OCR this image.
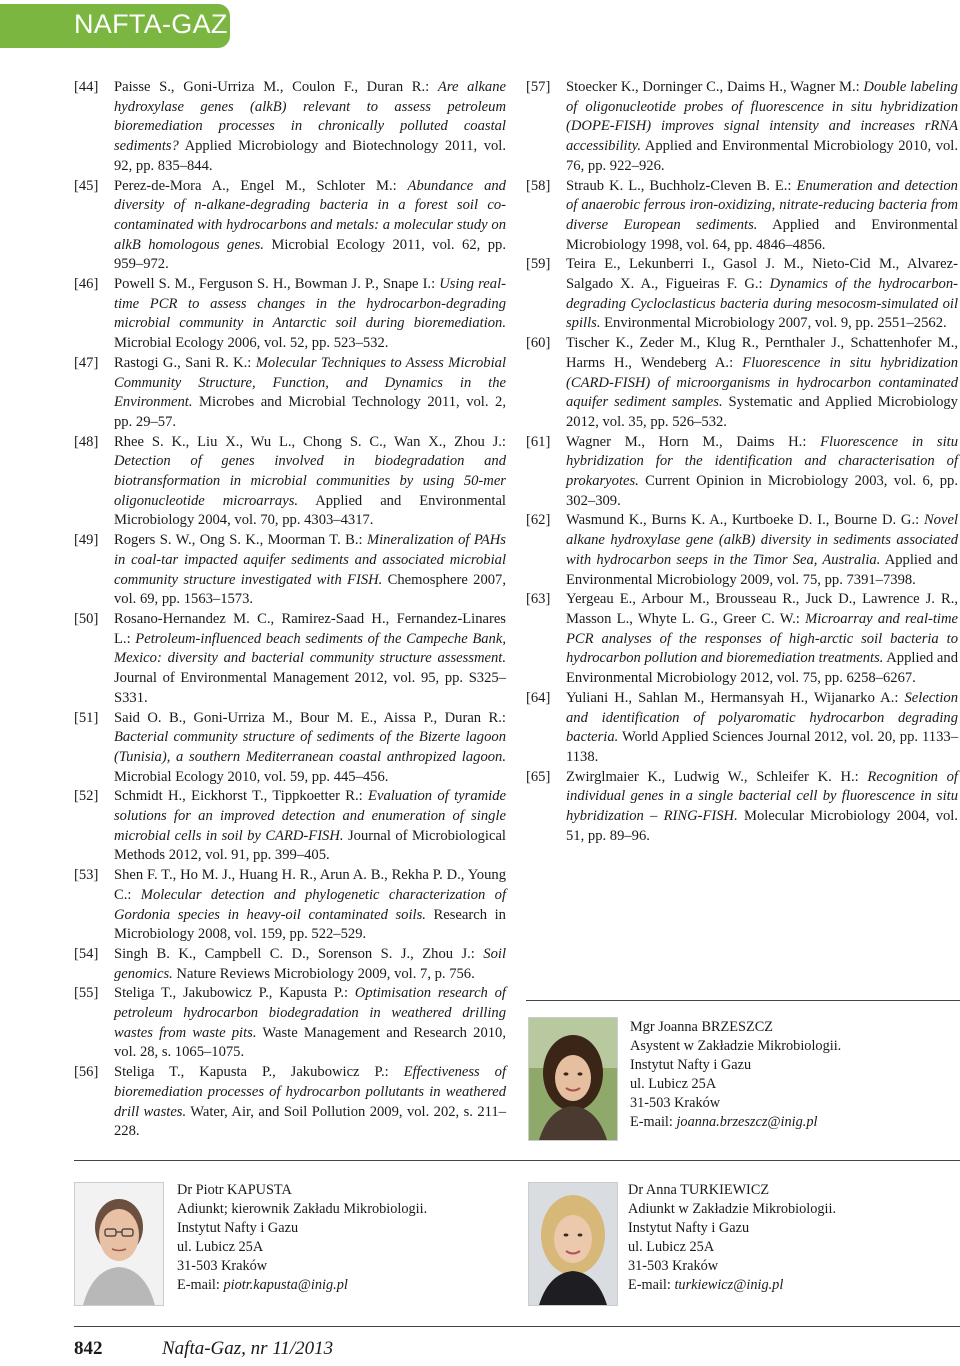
NAFTA-GAZ
[44]	Paisse S., Goni-Urriza M., Coulon F., Duran R.: Are alkane hydroxylase genes (alkB) relevant to assess petroleum bioremediation processes in chronically polluted coastal sediments? Applied Microbiology and Biotechnology 2011, vol. 92, pp. 835–844.
[45]	Perez-de-Mora A., Engel M., Schloter M.: Abundance and diversity of n-alkane-degrading bacteria in a forest soil co-contaminated with hydrocarbons and metals: a molecular study on alkB homologous genes. Microbial Ecology 2011, vol. 62, pp. 959–972.
[46]	Powell S. M., Ferguson S. H., Bowman J. P., Snape I.: Using real-time PCR to assess changes in the hydrocarbon-degrading microbial community in Antarctic soil during bioremediation. Microbial Ecology 2006, vol. 52, pp. 523–532.
[47]	Rastogi G., Sani R. K.: Molecular Techniques to Assess Microbial Community Structure, Function, and Dynamics in the Environment. Microbes and Microbial Technology 2011, vol. 2, pp. 29–57.
[48]	Rhee S. K., Liu X., Wu L., Chong S. C., Wan X., Zhou J.: Detection of genes involved in biodegradation and biotransformation in microbial communities by using 50-mer oligonucleotide microarrays. Applied and Environmental Microbiology 2004, vol. 70, pp. 4303–4317.
[49]	Rogers S. W., Ong S. K., Moorman T. B.: Mineralization of PAHs in coal-tar impacted aquifer sediments and associated microbial community structure investigated with FISH. Chemosphere 2007, vol. 69, pp. 1563–1573.
[50]	Rosano-Hernandez M. C., Ramirez-Saad H., Fernandez-Linares L.: Petroleum-influenced beach sediments of the Campeche Bank, Mexico: diversity and bacterial community structure assessment. Journal of Environmental Management 2012, vol. 95, pp. S325–S331.
[51]	Said O. B., Goni-Urriza M., Bour M. E., Aissa P., Duran R.: Bacterial community structure of sediments of the Bizerte lagoon (Tunisia), a southern Mediterranean coastal anthropized lagoon. Microbial Ecology 2010, vol. 59, pp. 445–456.
[52]	Schmidt H., Eickhorst T., Tippkoetter R.: Evaluation of tyramide solutions for an improved detection and enumeration of single microbial cells in soil by CARD-FISH. Journal of Microbiological Methods 2012, vol. 91, pp. 399–405.
[53]	Shen F. T., Ho M. J., Huang H. R., Arun A. B., Rekha P. D., Young C.: Molecular detection and phylogenetic characterization of Gordonia species in heavy-oil contaminated soils. Research in Microbiology 2008, vol. 159, pp. 522–529.
[54]	Singh B. K., Campbell C. D., Sorenson S. J., Zhou J.: Soil genomics. Nature Reviews Microbiology 2009, vol. 7, p. 756.
[55]	Steliga T., Jakubowicz P., Kapusta P.: Optimisation research of petroleum hydrocarbon biodegradation in weathered drilling wastes from waste pits. Waste Management and Research 2010, vol. 28, s. 1065–1075.
[56]	Steliga T., Kapusta P., Jakubowicz P.: Effectiveness of bioremediation processes of hydrocarbon pollutants in weathered drill wastes. Water, Air, and Soil Pollution 2009, vol. 202, s. 211–228.
[57]	Stoecker K., Dorninger C., Daims H., Wagner M.: Double labeling of oligonucleotide probes of fluorescence in situ hybridization (DOPE-FISH) improves signal intensity and increases rRNA accessibility. Applied and Environmental Microbiology 2010, vol. 76, pp. 922–926.
[58]	Straub K. L., Buchholz-Cleven B. E.: Enumeration and detection of anaerobic ferrous iron-oxidizing, nitrate-reducing bacteria from diverse European sediments. Applied and Environmental Microbiology 1998, vol. 64, pp. 4846–4856.
[59]	Teira E., Lekunberri I., Gasol J. M., Nieto-Cid M., Alvarez-Salgado X. A., Figueiras F. G.: Dynamics of the hydrocarbon-degrading Cycloclasticus bacteria during mesocosm-simulated oil spills. Environmental Microbiology 2007, vol. 9, pp. 2551–2562.
[60]	Tischer K., Zeder M., Klug R., Pernthaler J., Schattenhofer M., Harms H., Wendeberg A.: Fluorescence in situ hybridization (CARD-FISH) of microorganisms in hydrocarbon contaminated aquifer sediment samples. Systematic and Applied Microbiology 2012, vol. 35, pp. 526–532.
[61]	Wagner M., Horn M., Daims H.: Fluorescence in situ hybridization for the identification and characterisation of prokaryotes. Current Opinion in Microbiology 2003, vol. 6, pp. 302–309.
[62]	Wasmund K., Burns K. A., Kurtboeke D. I., Bourne D. G.: Novel alkane hydroxylase gene (alkB) diversity in sediments associated with hydrocarbon seeps in the Timor Sea, Australia. Applied and Environmental Microbiology 2009, vol. 75, pp. 7391–7398.
[63]	Yergeau E., Arbour M., Brousseau R., Juck D., Lawrence J. R., Masson L., Whyte L. G., Greer C. W.: Microarray and real-time PCR analyses of the responses of high-arctic soil bacteria to hydrocarbon pollution and bioremediation treatments. Applied and Environmental Microbiology 2012, vol. 75, pp. 6258–6267.
[64]	Yuliani H., Sahlan M., Hermansyah H., Wijanarko A.: Selection and identification of polyaromatic hydrocarbon degrading bacteria. World Applied Sciences Journal 2012, vol. 20, pp. 1133–1138.
[65]	Zwirglmaier K., Ludwig W., Schleifer K. H.: Recognition of individual genes in a single bacterial cell by fluorescence in situ hybridization – RING-FISH. Molecular Microbiology 2004, vol. 51, pp. 89–96.
Mgr Joanna BRZESZCZ
Asystent w Zakładzie Mikrobiologii.
Instytut Nafty i Gazu
ul. Lubicz 25A
31-503 Kraków
E-mail: joanna.brzeszcz@inig.pl
Dr Piotr KAPUSTA
Adiunkt; kierownik Zakładu Mikrobiologii.
Instytut Nafty i Gazu
ul. Lubicz 25A
31-503 Kraków
E-mail: piotr.kapusta@inig.pl
Dr Anna TURKIEWICZ
Adiunkt w Zakładzie Mikrobiologii.
Instytut Nafty i Gazu
ul. Lubicz 25A
31-503 Kraków
E-mail: turkiewicz@inig.pl
842	Nafta-Gaz, nr 11/2013
